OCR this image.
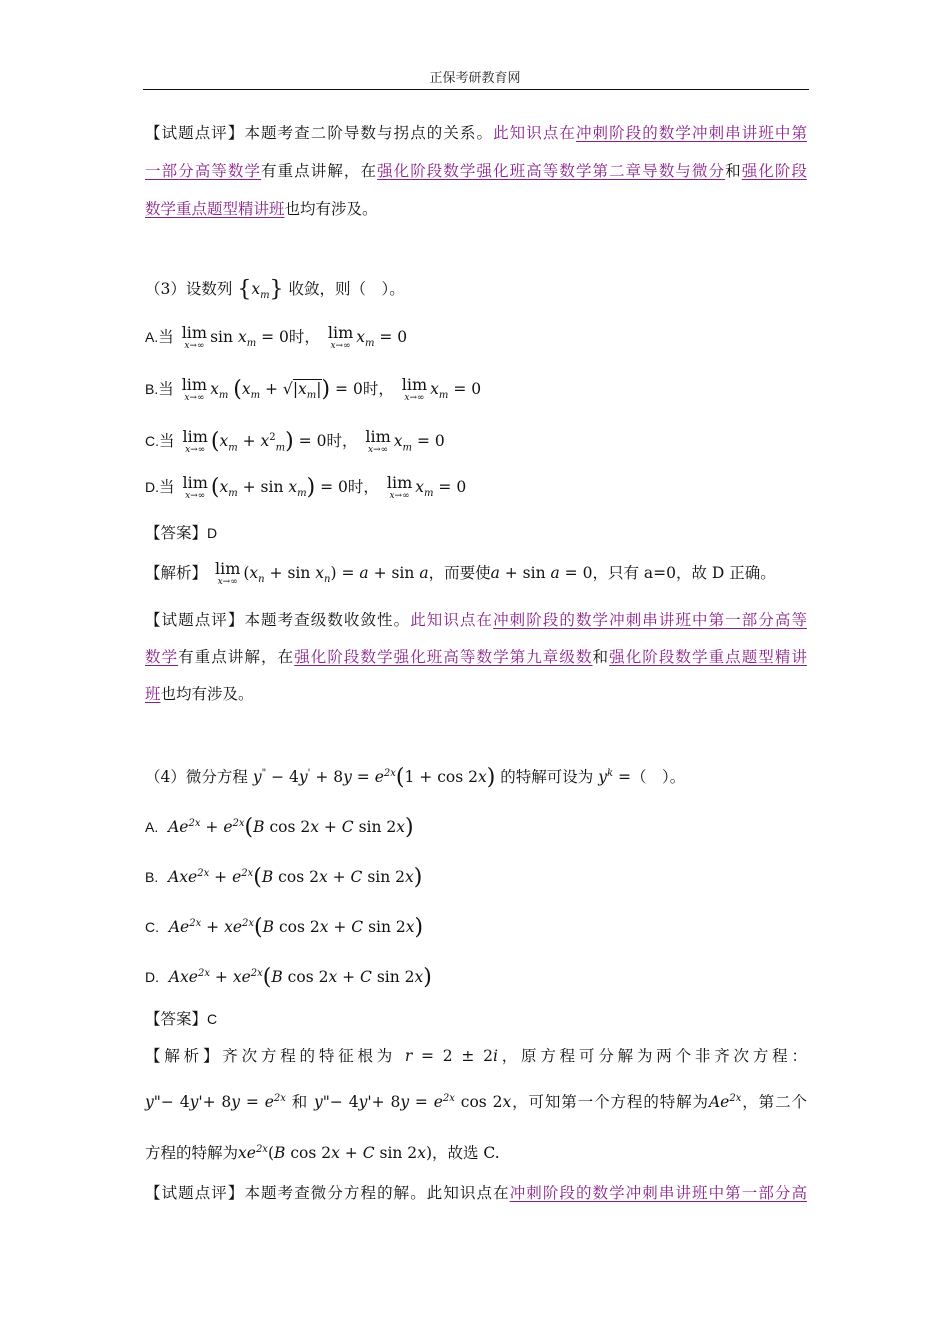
正保考研教育网
【试题点评】本题考查二阶导数与拐点的关系。此知识点在冲刺阶段的数学冲刺串讲班中第
一部分高等数学有重点讲解，在强化阶段数学强化班高等数学第二章导数与微分和强化阶段
数学重点题型精讲班也均有涉及。
（3）设数列 $\{x_m\}$ 收敛，则（　）。
A.当 lim
x→∞ $\sin x_m = 0$时， lim
x→∞ $x_m = 0$
B.当 lim
x→∞ $x_m$ $(x_m + √|x_m|) = 0$时， lim
x→∞ $x_m = 0$
C.当 lim
x→∞ $(x_m + x^2_m) = 0$时， lim
x→∞ $x_m = 0$
D.当 lim
x→∞ $(x_m + \sin x_m) = 0$时， lim
x→∞ $x_m = 0$
【答案】D
【解析】 lim
x→∞ $(x_n + \sin x_n) = a + \sin a$，而要使a + sin a = 0，只有 a=0，故 D 正确。
【试题点评】本题考查级数收敛性。此知识点在冲刺阶段的数学冲刺串讲班中第一部分高等
数学有重点讲解，在强化阶段数学强化班高等数学第九章级数和强化阶段数学重点题型精讲
班也均有涉及。
（4）微分方程 $y^" - 4y' + 8y = e^{2x}(1 + \cos 2x)$ 的特解可设为 $y^k$ =（　）。
A. $Ae^{2x} + e^{2x}(B$ cos 2x + C sin 2x)
B. $Axe^{2x} + e^{2x}(B$ cos 2x + C sin 2x)
C. $Ae^{2x} + xe^{2x}(B$ cos 2x + C sin 2x)
D. $Axe^{2x} + xe^{2x}(B$ cos 2x + C sin 2x)
【答案】C
【解析】齐次方程的特征根为 r = 2 ± 2i，原方程可分解为两个非齐次方程：
y"− $4y'+ 8y = e^{2x}$ 和 y"− $4y'+ 8y = e^{2x}$ cos 2x，可知第一个方程的特解为$Ae^{2x}$，第二个
方程的特解为$xe^{2x}(B$ cos 2x + C sin 2x)，故选 C.
【试题点评】本题考查微分方程的解。此知识点在冲刺阶段的数学冲刺串讲班中第一部分高
